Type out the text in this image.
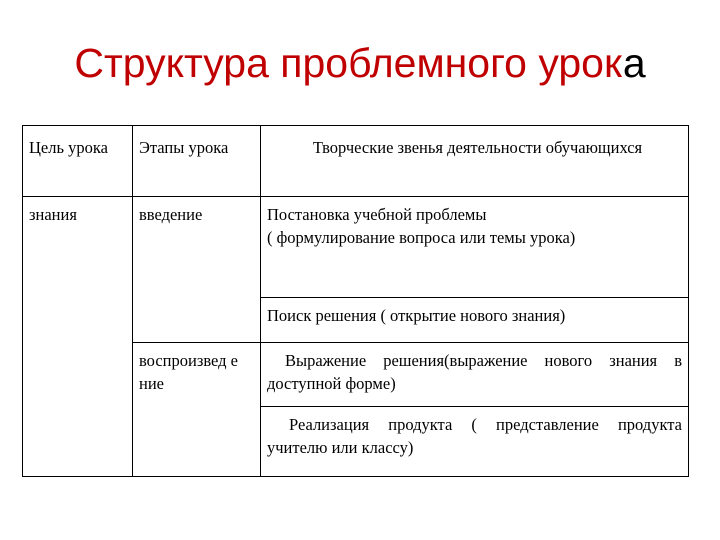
Структура проблемного урока
Цель урока	Этапы урока	Творческие звенья деятельности обучающихся

знания	введение	Постановка учебной проблемы
( формулирование вопроса или темы урока)

		Поиск решения ( открытие нового знания)

	воспроизвед ение	Выражение решения(выражение нового знания в доступной форме)

		Реализация продукта ( представление продукта учителю или классу)
